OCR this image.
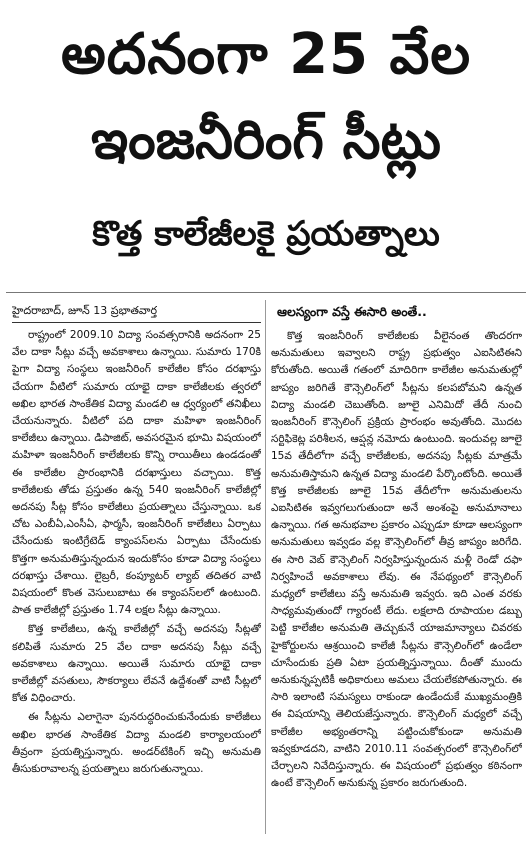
అదనంగా 25 వేల
ఇంజనీరింగ్ సీట్లు
కొత్త కాలేజీలకై ప్రయత్నాలు
హైదరాబాద్, జూన్ 13 ప్రభాతవార్త

రాష్ట్రంలో 2009.10 విద్యా సంవత్సరానికి అదనంగా 25 వేల దాకా సీట్లు వచ్చే అవకాశాలు ఉన్నాయి. సుమారు 170కి పైగా విద్యా సంస్థలు ఇంజనీరింగ్ కాలేజీల కోసం దరఖాస్తు చేయగా వీటిలో సుమారు యాభై దాకా కాలేజీలకు త్వరలో అఖిల భారత సాంకేతిక విద్యా మండలి ఆ ధ్వర్యంలో తనిఖీలు చేయనున్నారు. వీటిలో పది దాకా మహిళా ఇంజనీరింగ్ కాలేజీలు ఉన్నాయి. డిపాజిట్, అవసరమైన భూమి విషయంలో మహిళా ఇంజనీరింగ్ కాలేజీలకు కొన్ని రాయితీలు ఉండడంతో ఈ కాలేజీల ప్రారంభానికి దరఖాస్తులు వచ్చాయి. కొత్త కాలేజీలకు తోడు ప్రస్తుతం ఉన్న 540 ఇంజనీరింగ్ కాలేజీల్లో అదనపు సీట్ల కోసం కాలేజీలు ప్రయత్నాలు చేస్తున్నాయి. ఒక చోట ఎంబీఏ,ఎంసీఏ, ఫార్మసీ, ఇంజనీరింగ్ కాలేజీలు ఏర్పాటు చేసేందుకు ఇంటిగ్రేటెడ్ క్యాంపస్‌లను ఏర్పాటు చేసేందుకు కొత్తగా అనుమతిస్తున్నందున ఇందుకోసం కూడా విద్యా సంస్థలు దరఖాస్తు చేశాయి. లైబ్రరీ, కంప్యూటర్ ల్యాబ్ తదితర వాటి విషయంలో కొంత వెసులుబాటు ఈ క్యాంపస్‌లలో ఉంటుంది. పాత కాలేజీల్లో ప్రస్తుతం 1.74 లక్షల సీట్లు ఉన్నాయి.

కొత్త కాలేజీలు, ఉన్న కాలేజీల్లో వచ్చే అదనపు సీట్లతో కలిపితే సుమారు 25 వేల దాకా అదనపు సీట్లు వచ్చే అవకాశాలు ఉన్నాయి. అయితే సుమారు యాభై దాకా కాలేజీల్లో వసతులు, సౌకర్యాలు లేవనే ఉద్దేశంతో వాటి సీట్లలో కోత విధించారు.

ఈ సీట్లను ఎలాగైనా పునరుద్ధరించుకునేందుకు కాలేజీలు అఖిల భారత సాంకేతిక విద్యా మండలి కార్యాలయంలో తీవ్రంగా ప్రయత్నిస్తున్నారు. అండర్‌టేకింగ్ ఇచ్చి అనుమతి తీసుకురావాలన్న ప్రయత్నాలు జరుగుతున్నాయి.

ఆలస్యంగా వస్తే ఈసారి అంతే..

కొత్త ఇంజనీరింగ్ కాలేజీలకు వీలైనంత తొందరగా అనుమతులు ఇవ్వాలని రాష్ట్ర ప్రభుత్వం ఎఐసిటిఈని కోరుతోంది. అయితే గతంలో మాదిరిగా కాలేజీల అనుమతుల్లో జాప్యం జరిగితే కౌన్సెలింగ్‌లో సీట్లను కలపబోమని ఉన్నత విద్యా మండలి చెబుతోంది. జూలై ఎనిమిదో తేదీ నుంచి ఇంజనీరింగ్ కౌన్సెలింగ్ ప్రక్రియ ప్రారంభం అవుతోంది. మొదట సర్టిఫికెట్ల పరిశీలన, ఆప్షన్ల నమోదు ఉంటుంది. ఇందువల్ల జూలై 15వ తేదీలోగా వచ్చే కాలేజీలకు, అదనపు సీట్లకు మాత్రమే అనుమతిస్తామని ఉన్నత విద్యా మండలి పేర్కొంటోంది. అయితే కొత్త కాలేజీలకు జూలై 15వ తేదీలోగా అనుమతులను ఎఐసిటిఈ ఇవ్వగలుగుతుందా అనే అంశంపై అనుమానాలు ఉన్నాయి. గత అనుభవాల ప్రకారం ఎప్పుడూ కూడా ఆలస్యంగా అనుమతులు ఇవ్వడం వల్ల కౌన్సెలింగ్‌లో తీవ్ర జాప్యం జరిగేది. ఈ సారి వెబ్ కౌన్సెలింగ్ నిర్వహిస్తున్నందున మళ్లీ రెండో దఫా నిర్వహించే అవకాశాలు లేవు. ఈ నేపథ్యంలో కౌన్సెలింగ్ మధ్యలో కాలేజీలు వస్తే అనుమతి ఇవ్వరు. ఇది ఎంత వరకు సాధ్యమవుతుందో గ్యారంటీ లేదు. లక్షలాది రూపాయల డబ్బు పెట్టి కాలేజీల అనుమతి తెచ్చుకునే యాజమాన్యాలు చివరకు హైకోర్టులను ఆశ్రయించి కాలేజీ సీట్లను కౌన్సెలింగ్‌లో ఉండేలా చూసేందుకు ప్రతి ఏటా ప్రయత్నిస్తున్నాయి. దీంతో ముందు అనుకున్నప్పటికీ అధికారులు అమలు చేయలేకపోతున్నారు. ఈ సారి ఇలాంటి సమస్యలు రాకుండా ఉండేందుకే ముఖ్యమంత్రికి ఈ విషయాన్ని తెలియజేస్తున్నారు. కౌన్సెలింగ్ మధ్యలో వచ్చే కాలేజీల అభ్యంతరాన్ని పట్టించుకోకుండా అనుమతి ఇవ్వకూడదని, వాటిని 2010.11 సంవత్సరంలో కౌన్సెలింగ్‌లో చేర్చాలని నివేదిస్తున్నారు. ఈ విషయంలో ప్రభుత్వం కఠినంగా ఉంటే కౌన్సెలింగ్ అనుకున్న ప్రకారం జరుగుతుంది.
